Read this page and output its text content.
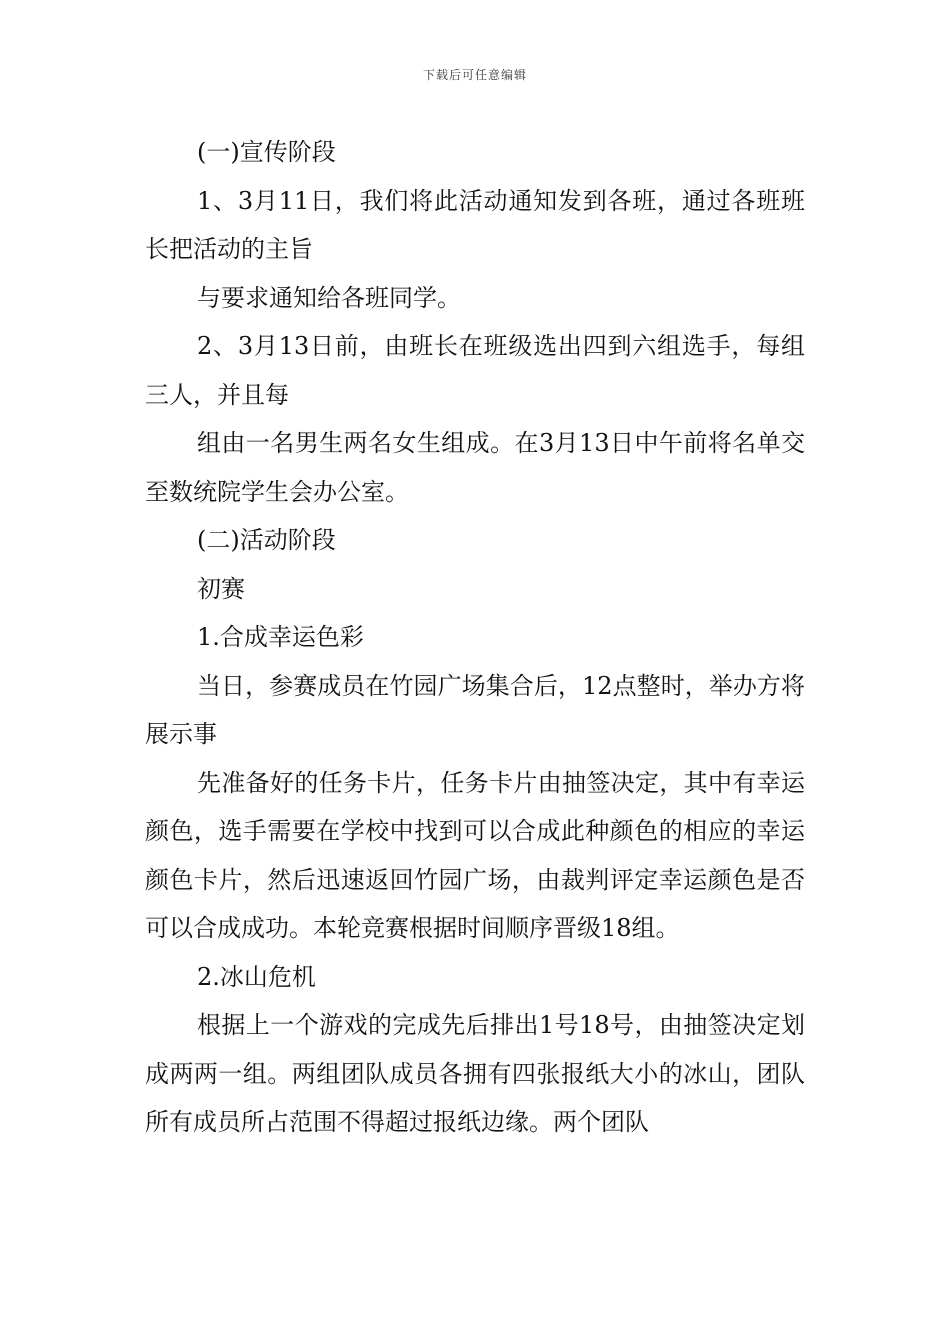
下载后可任意编辑

(一)宣传阶段

1、3月11日，我们将此活动通知发到各班，通过各班班长把活动的主旨

与要求通知给各班同学。

2、3月13日前，由班长在班级选出四到六组选手，每组三人，并且每

组由一名男生两名女生组成。在3月13日中午前将名单交至数统院学生会办公室。

(二)活动阶段

初赛

1.合成幸运色彩

当日，参赛成员在竹园广场集合后，12点整时，举办方将展示事

先准备好的任务卡片，任务卡片由抽签决定，其中有幸运颜色，选手需要在学校中找到可以合成此种颜色的相应的幸运颜色卡片，然后迅速返回竹园广场，由裁判评定幸运颜色是否可以合成成功。本轮竞赛根据时间顺序晋级18组。

2.冰山危机

根据上一个游戏的完成先后排出1号18号，由抽签决定划成两两一组。两组团队成员各拥有四张报纸大小的冰山，团队所有成员所占范围不得超过报纸边缘。两个团队
